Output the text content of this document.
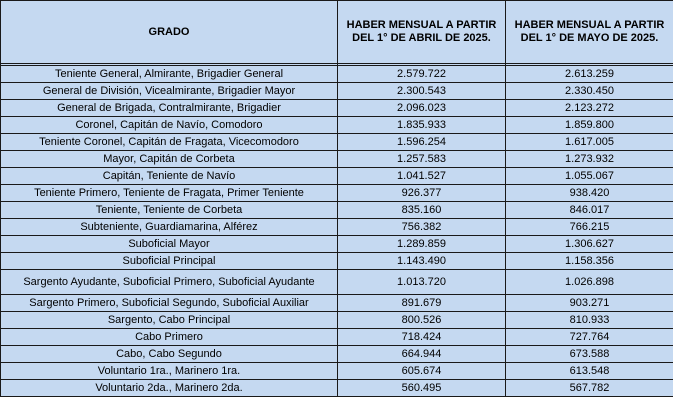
GRADO	HABER MENSUAL A PARTIR DEL 1° DE ABRIL DE 2025.	HABER MENSUAL A PARTIR DEL 1° DE MAYO DE 2025.

Teniente General, Almirante, Brigadier General	2.579.722	2.613.259
General de División, Vicealmirante, Brigadier Mayor	2.300.543	2.330.450
General de Brigada, Contralmirante, Brigadier	2.096.023	2.123.272
Coronel, Capitán de Navío, Comodoro	1.835.933	1.859.800
Teniente Coronel, Capitán de Fragata, Vicecomodoro	1.596.254	1.617.005
Mayor, Capitán de Corbeta	1.257.583	1.273.932
Capitán, Teniente de Navío	1.041.527	1.055.067
Teniente Primero, Teniente de Fragata, Primer Teniente	926.377	938.420
Teniente, Teniente de Corbeta	835.160	846.017
Subteniente, Guardiamarina, Alférez	756.382	766.215
Suboficial Mayor	1.289.859	1.306.627
Suboficial Principal	1.143.490	1.158.356
Sargento Ayudante, Suboficial Primero, Suboficial Ayudante	1.013.720	1.026.898
Sargento Primero, Suboficial Segundo, Suboficial Auxiliar	891.679	903.271
Sargento, Cabo Principal	800.526	810.933
Cabo Primero	718.424	727.764
Cabo, Cabo Segundo	664.944	673.588
Voluntario 1ra., Marinero 1ra.	605.674	613.548
Voluntario 2da., Marinero 2da.	560.495	567.782
